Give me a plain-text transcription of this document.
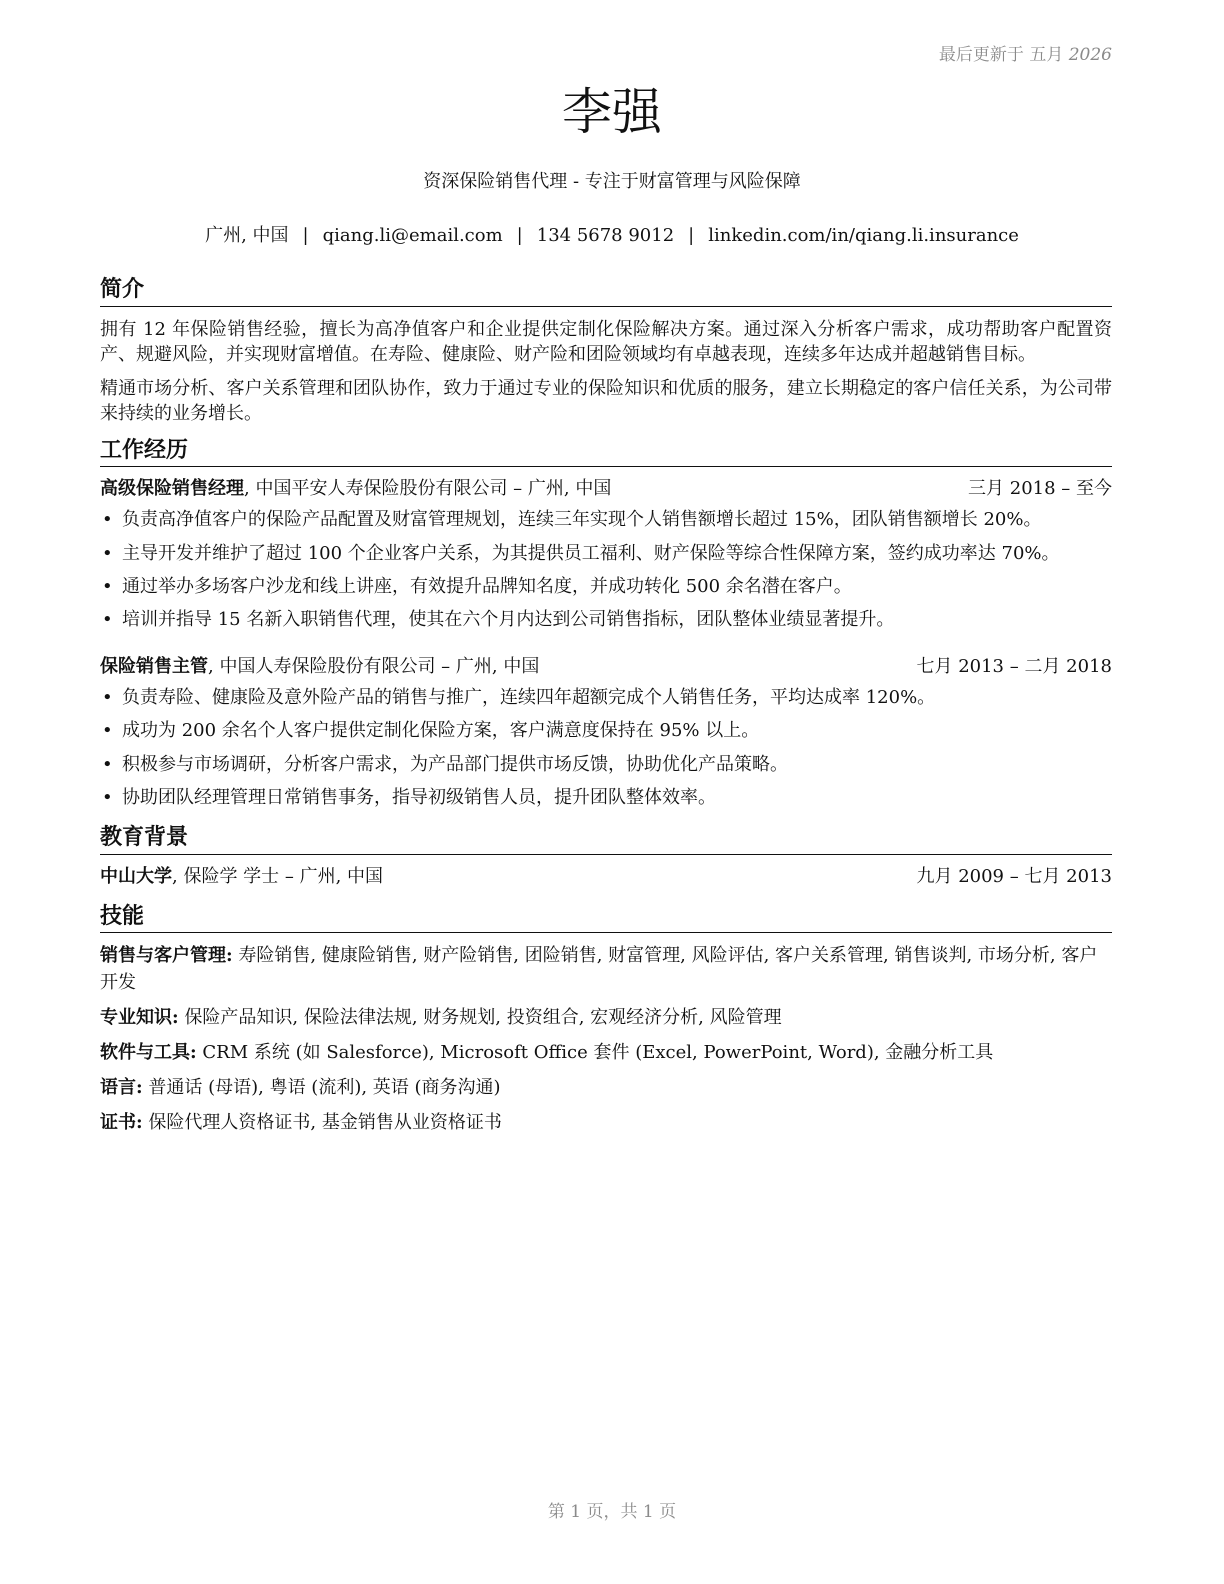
最后更新于 五月 2026
李强
资深保险销售代理 - 专注于财富管理与风险保障
广州, 中国 | qiang.li@email.com | 134 5678 9012 | linkedin.com/in/qiang.li.insurance
简介

拥有 12 年保险销售经验，擅长为高净值客户和企业提供定制化保险解决方案。通过深入分析客户需求，成功帮助客户配置资产、规避风险，并实现财富增值。在寿险、健康险、财产险和团险领域均有卓越表现，连续多年达成并超越销售目标。

精通市场分析、客户关系管理和团队协作，致力于通过专业的保险知识和优质的服务，建立长期稳定的客户信任关系，为公司带来持续的业务增长。

工作经历
高级保险销售经理, 中国平安人寿保险股份有限公司 – 广州, 中国	三月 2018 – 至今
• 负责高净值客户的保险产品配置及财富管理规划，连续三年实现个人销售额增长超过 15%，团队销售额增长 20%。
• 主导开发并维护了超过 100 个企业客户关系，为其提供员工福利、财产保险等综合性保障方案，签约成功率达 70%。
• 通过举办多场客户沙龙和线上讲座，有效提升品牌知名度，并成功转化 500 余名潜在客户。
• 培训并指导 15 名新入职销售代理，使其在六个月内达到公司销售指标，团队整体业绩显著提升。
保险销售主管, 中国人寿保险股份有限公司 – 广州, 中国	七月 2013 – 二月 2018
• 负责寿险、健康险及意外险产品的销售与推广，连续四年超额完成个人销售任务，平均达成率 120%。
• 成功为 200 余名个人客户提供定制化保险方案，客户满意度保持在 95% 以上。
• 积极参与市场调研，分析客户需求，为产品部门提供市场反馈，协助优化产品策略。
• 协助团队经理管理日常销售事务，指导初级销售人员，提升团队整体效率。
教育背景
中山大学, 保险学 学士 – 广州, 中国	九月 2009 – 七月 2013
技能
销售与客户管理: 寿险销售, 健康险销售, 财产险销售, 团险销售, 财富管理, 风险评估, 客户关系管理, 销售谈判, 市场分析, 客户开发
专业知识: 保险产品知识, 保险法律法规, 财务规划, 投资组合, 宏观经济分析, 风险管理
软件与工具: CRM 系统 (如 Salesforce), Microsoft Office 套件 (Excel, PowerPoint, Word), 金融分析工具
语言: 普通话 (母语), 粤语 (流利), 英语 (商务沟通)
证书: 保险代理人资格证书, 基金销售从业资格证书
第 1 页，共 1 页
